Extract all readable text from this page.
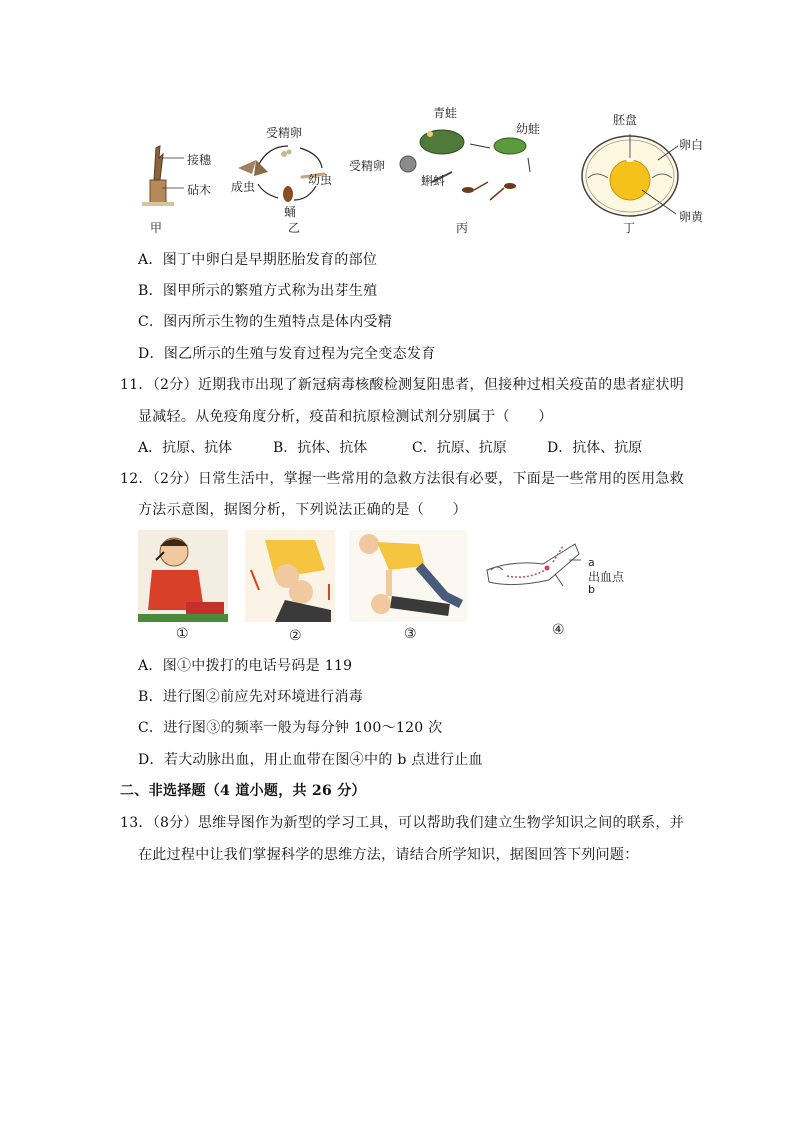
接穗
砧木
甲
受精卵
幼虫
蛹
成虫
乙
青蛙
幼蛙
受精卵
蝌蚪
丙
胚盘
卵白
卵黄
丁
A．图丁中卵白是早期胚胎发育的部位
B．图甲所示的繁殖方式称为出芽生殖
C．图丙所示生物的生殖特点是体内受精
D．图乙所示的生殖与发育过程为完全变态发育
11．（2分）近期我市出现了新冠病毒核酸检测复阳患者，但接种过相关疫苗的患者症状明
显减轻。从免疫角度分析，疫苗和抗原检测试剂分别属于（　　）
A．抗原、抗体	B．抗体、抗体	C．抗原、抗原	D．抗体、抗原
12．（2分）日常生活中，掌握一些常用的急救方法很有必要，下面是一些常用的医用急救
方法示意图，据图分析，下列说法正确的是（　　）
a
出血点
b
①	②	③	④
A．图①中拨打的电话号码是 119
B．进行图②前应先对环境进行消毒
C．进行图③的频率一般为每分钟 100～120 次
D．若大动脉出血，用止血带在图④中的 b 点进行止血
二、非选择题（4 道小题，共 26 分）
13．（8分）思维导图作为新型的学习工具，可以帮助我们建立生物学知识之间的联系，并
在此过程中让我们掌握科学的思维方法，请结合所学知识，据图回答下列问题：
